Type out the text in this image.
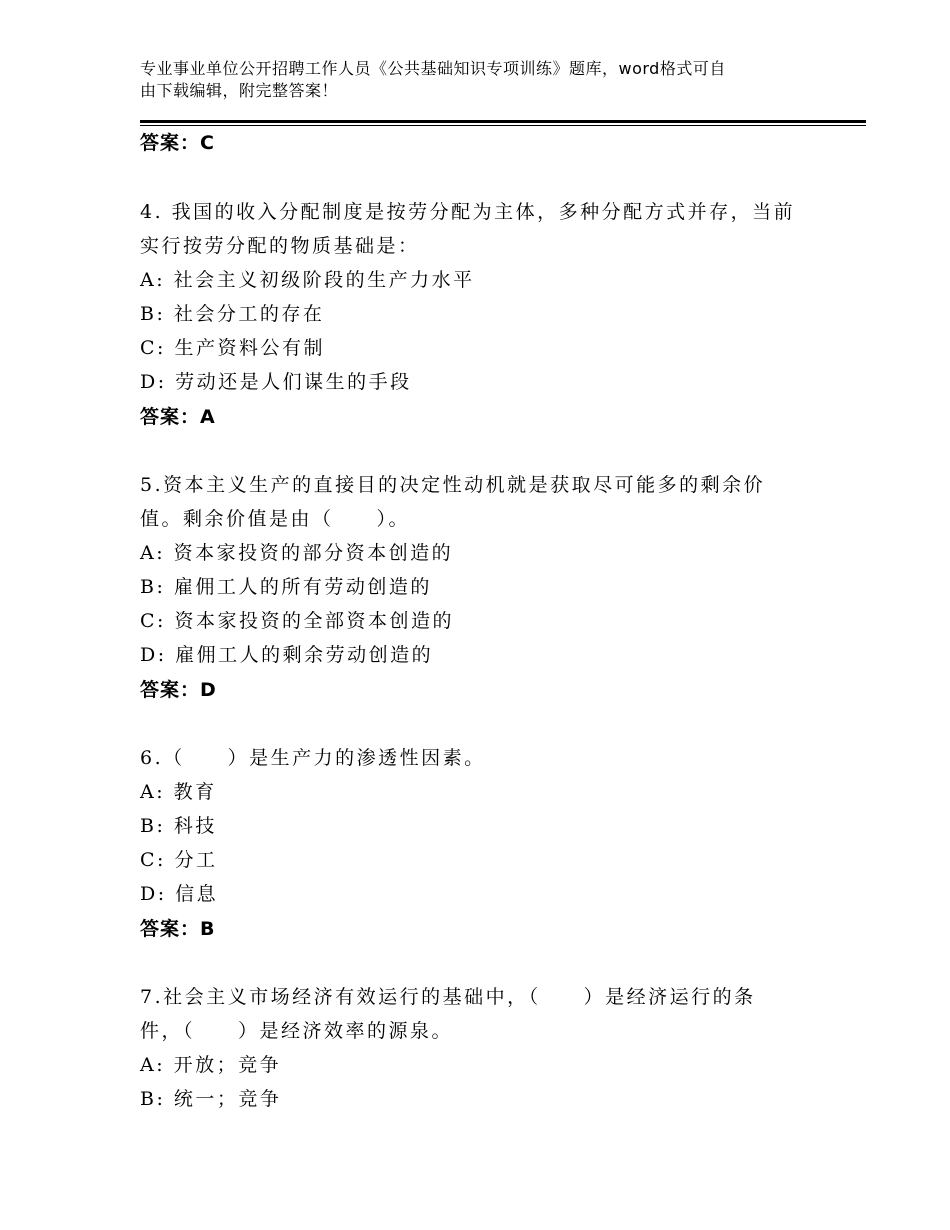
专业事业单位公开招聘工作人员《公共基础知识专项训练》题库，word格式可自
由下载编辑，附完整答案！
答案：C
4. 我国的收入分配制度是按劳分配为主体，多种分配方式并存，当前
实行按劳分配的物质基础是：
A: 社会主义初级阶段的生产力水平
B: 社会分工的存在
C: 生产资料公有制
D: 劳动还是人们谋生的手段
答案：A
5.资本主义生产的直接目的决定性动机就是获取尽可能多的剩余价
值。剩余价值是由（　　）。
A: 资本家投资的部分资本创造的
B: 雇佣工人的所有劳动创造的
C: 资本家投资的全部资本创造的
D: 雇佣工人的剩余劳动创造的
答案：D
6.（　　）是生产力的渗透性因素。
A: 教育
B: 科技
C: 分工
D: 信息
答案：B
7.社会主义市场经济有效运行的基础中，（　　）是经济运行的条
件，（　　）是经济效率的源泉。
A: 开放；竞争
B: 统一；竞争
